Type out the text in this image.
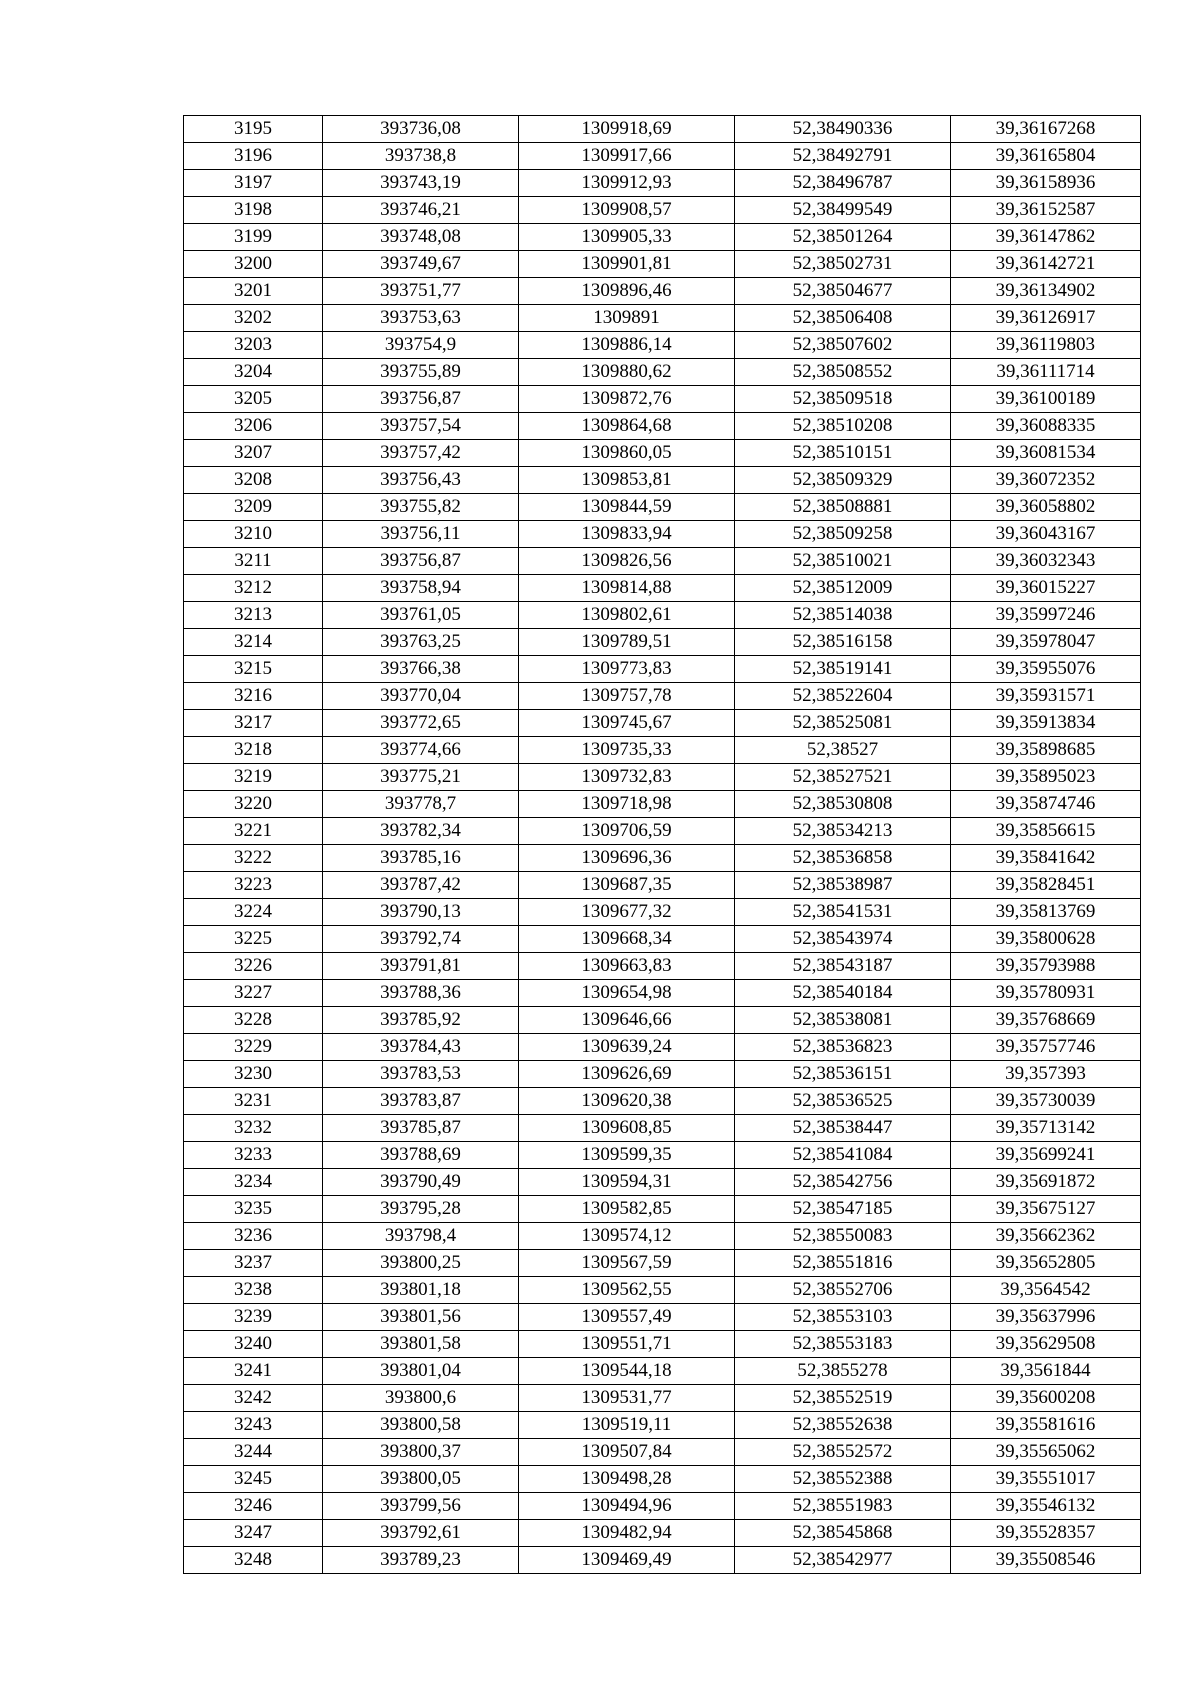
3195	393736,08	1309918,69	52,38490336	39,36167268
3196	393738,8	1309917,66	52,38492791	39,36165804
3197	393743,19	1309912,93	52,38496787	39,36158936
3198	393746,21	1309908,57	52,38499549	39,36152587
3199	393748,08	1309905,33	52,38501264	39,36147862
3200	393749,67	1309901,81	52,38502731	39,36142721
3201	393751,77	1309896,46	52,38504677	39,36134902
3202	393753,63	1309891	52,38506408	39,36126917
3203	393754,9	1309886,14	52,38507602	39,36119803
3204	393755,89	1309880,62	52,38508552	39,36111714
3205	393756,87	1309872,76	52,38509518	39,36100189
3206	393757,54	1309864,68	52,38510208	39,36088335
3207	393757,42	1309860,05	52,38510151	39,36081534
3208	393756,43	1309853,81	52,38509329	39,36072352
3209	393755,82	1309844,59	52,38508881	39,36058802
3210	393756,11	1309833,94	52,38509258	39,36043167
3211	393756,87	1309826,56	52,38510021	39,36032343
3212	393758,94	1309814,88	52,38512009	39,36015227
3213	393761,05	1309802,61	52,38514038	39,35997246
3214	393763,25	1309789,51	52,38516158	39,35978047
3215	393766,38	1309773,83	52,38519141	39,35955076
3216	393770,04	1309757,78	52,38522604	39,35931571
3217	393772,65	1309745,67	52,38525081	39,35913834
3218	393774,66	1309735,33	52,38527	39,35898685
3219	393775,21	1309732,83	52,38527521	39,35895023
3220	393778,7	1309718,98	52,38530808	39,35874746
3221	393782,34	1309706,59	52,38534213	39,35856615
3222	393785,16	1309696,36	52,38536858	39,35841642
3223	393787,42	1309687,35	52,38538987	39,35828451
3224	393790,13	1309677,32	52,38541531	39,35813769
3225	393792,74	1309668,34	52,38543974	39,35800628
3226	393791,81	1309663,83	52,38543187	39,35793988
3227	393788,36	1309654,98	52,38540184	39,35780931
3228	393785,92	1309646,66	52,38538081	39,35768669
3229	393784,43	1309639,24	52,38536823	39,35757746
3230	393783,53	1309626,69	52,38536151	39,357393
3231	393783,87	1309620,38	52,38536525	39,35730039
3232	393785,87	1309608,85	52,38538447	39,35713142
3233	393788,69	1309599,35	52,38541084	39,35699241
3234	393790,49	1309594,31	52,38542756	39,35691872
3235	393795,28	1309582,85	52,38547185	39,35675127
3236	393798,4	1309574,12	52,38550083	39,35662362
3237	393800,25	1309567,59	52,38551816	39,35652805
3238	393801,18	1309562,55	52,38552706	39,3564542
3239	393801,56	1309557,49	52,38553103	39,35637996
3240	393801,58	1309551,71	52,38553183	39,35629508
3241	393801,04	1309544,18	52,3855278	39,3561844
3242	393800,6	1309531,77	52,38552519	39,35600208
3243	393800,58	1309519,11	52,38552638	39,35581616
3244	393800,37	1309507,84	52,38552572	39,35565062
3245	393800,05	1309498,28	52,38552388	39,35551017
3246	393799,56	1309494,96	52,38551983	39,35546132
3247	393792,61	1309482,94	52,38545868	39,35528357
3248	393789,23	1309469,49	52,38542977	39,35508546
